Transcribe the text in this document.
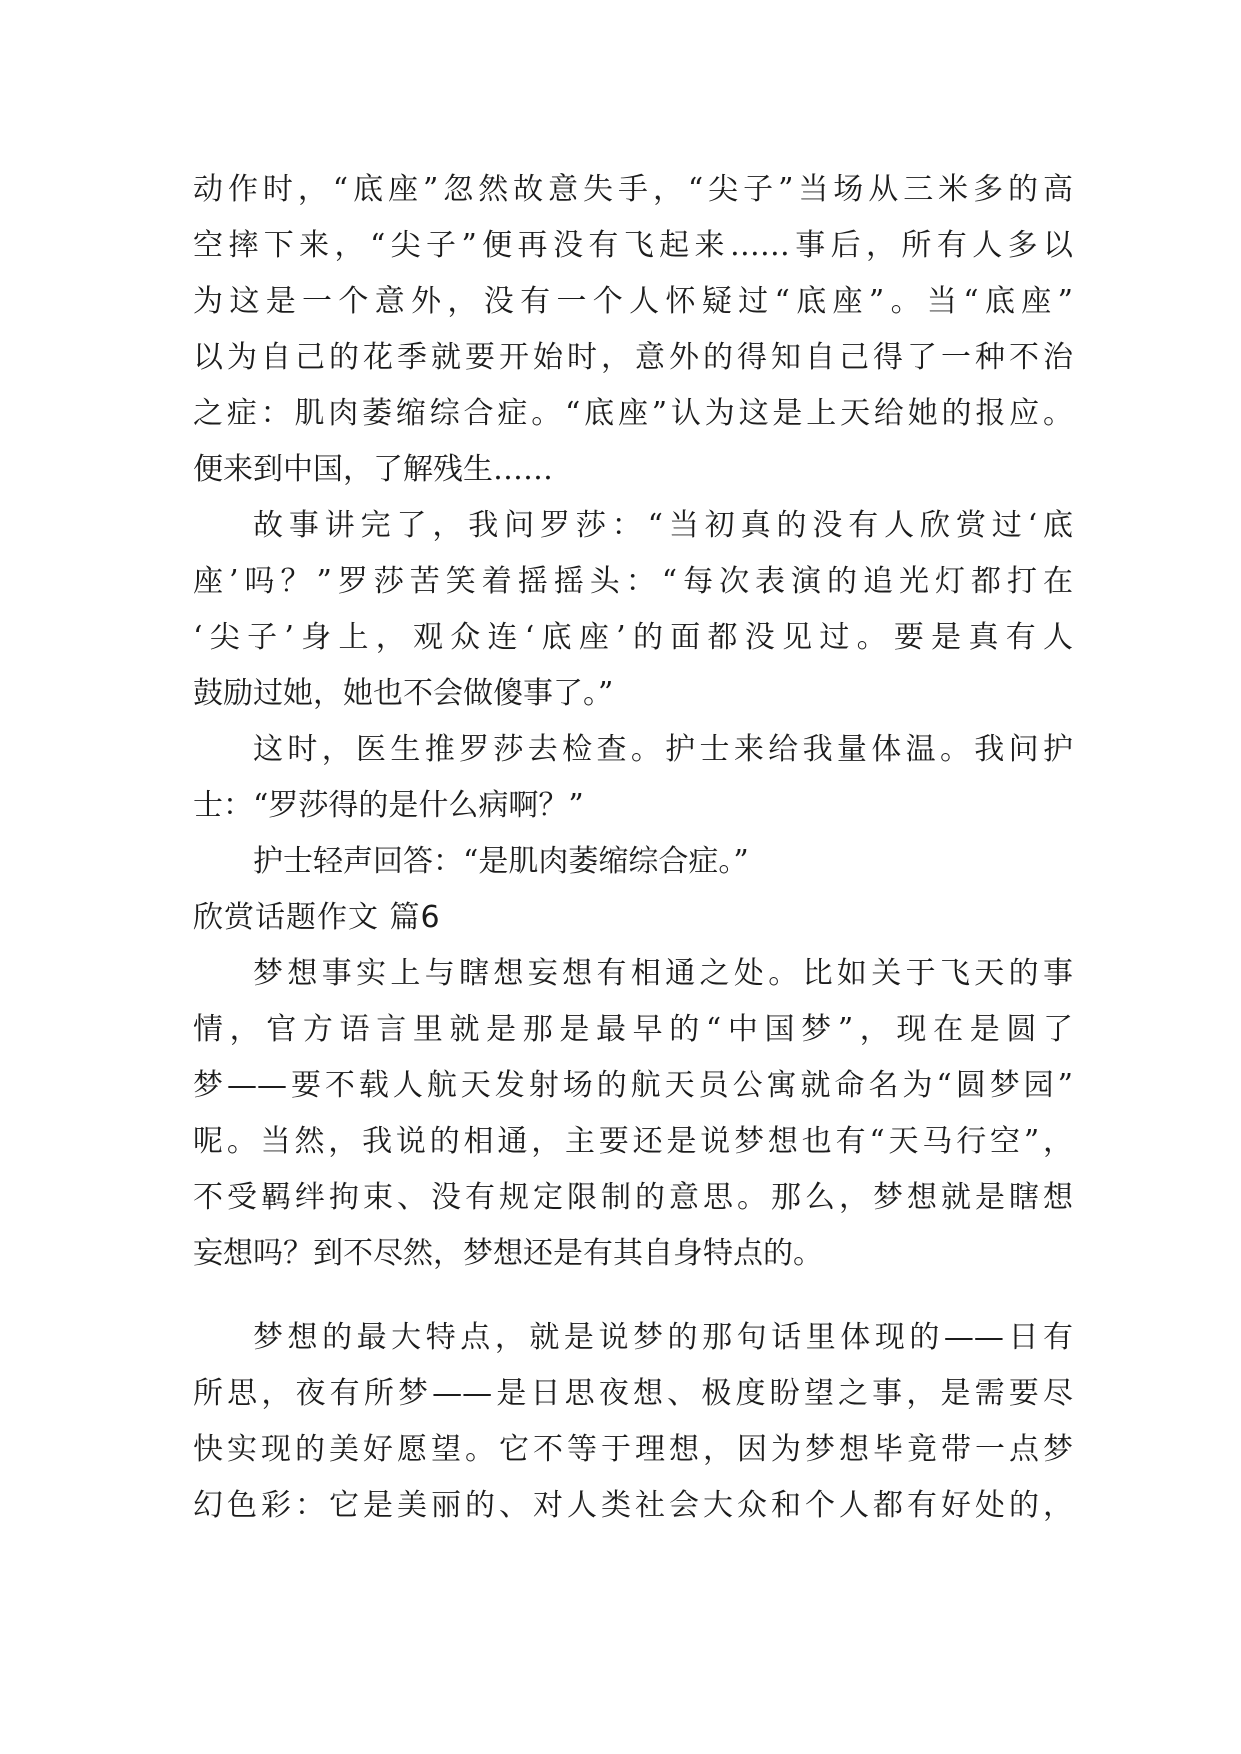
动作时，“底座”忽然故意失手，“尖子”当场从三米多的高
空摔下来，“尖子”便再没有飞起来……事后，所有人多以
为这是一个意外，没有一个人怀疑过“底座”。当“底座”
以为自己的花季就要开始时，意外的得知自己得了一种不治
之症：肌肉萎缩综合症。“底座”认为这是上天给她的报应。
便来到中国，了解残生……
故事讲完了，我问罗莎：“当初真的没有人欣赏过‘底
座’吗？”罗莎苦笑着摇摇头：“每次表演的追光灯都打在
‘尖子’身上，观众连‘底座’的面都没见过。要是真有人
鼓励过她，她也不会做傻事了。”
这时，医生推罗莎去检查。护士来给我量体温。我问护
士：“罗莎得的是什么病啊？”
护士轻声回答：“是肌肉萎缩综合症。”
欣赏话题作文 篇6
梦想事实上与瞎想妄想有相通之处。比如关于飞天的事
情，官方语言里就是那是最早的“中国梦”，现在是圆了
梦——要不载人航天发射场的航天员公寓就命名为“圆梦园”
呢。当然，我说的相通，主要还是说梦想也有“天马行空”，
不受羁绊拘束、没有规定限制的意思。那么，梦想就是瞎想
妄想吗？到不尽然，梦想还是有其自身特点的。
梦想的最大特点，就是说梦的那句话里体现的——日有
所思，夜有所梦——是日思夜想、极度盼望之事，是需要尽
快实现的美好愿望。它不等于理想，因为梦想毕竟带一点梦
幻色彩：它是美丽的、对人类社会大众和个人都有好处的，
